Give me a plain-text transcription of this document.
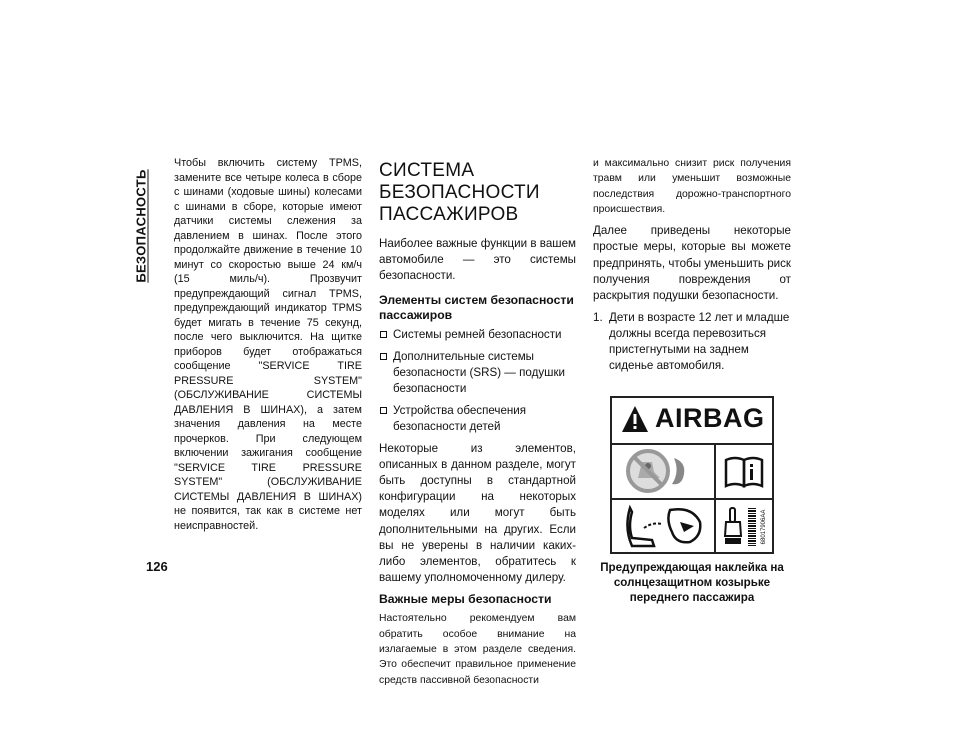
БЕЗОПАСНОСТЬ
126

Чтобы включить систему TPMS, замените все четыре колеса в сборе с шинами (ходовые шины) колесами с шинами в сборе, которые имеют датчики системы слежения за давлением в шинах. После этого продолжайте движение в течение 10 минут со скоростью выше 24 км/ч (15 миль/ч). Прозвучит предупреждающий сигнал TPMS, предупреждающий индикатор TPMS будет мигать в течение 75 секунд, после чего выключится. На щитке приборов будет отображаться сообщение "SERVICE TIRE PRESSURE SYSTEM" (ОБСЛУЖИВАНИЕ СИСТЕМЫ ДАВЛЕНИЯ В ШИНАХ), а затем значения давления на месте прочерков. При следующем включении зажигания сообщение "SERVICE TIRE PRESSURE SYSTEM" (ОБСЛУЖИВАНИЕ СИСТЕМЫ ДАВЛЕНИЯ В ШИНАХ) не появится, так как в системе нет неисправностей.

СИСТЕМА БЕЗОПАСНОСТИ
ПАССАЖИРОВ

Наиболее важные функции в вашем автомобиле — это системы безопасности.

Элементы систем безопасности пассажиров
Системы ремней безопасности
Дополнительные системы безопасности (SRS) — подушки безопасности
Устройства обеспечения безопасности детей

Некоторые из элементов, описанных в данном разделе, могут быть доступны в стандартной конфигурации на некоторых моделях или могут быть дополнительными на других. Если вы не уверены в наличии каких-либо элементов, обратитесь к вашему уполномоченному дилеру.

Важные меры безопасности

Настоятельно рекомендуем вам обратить особое внимание на излагаемые в этом разделе сведения. Это обеспечит правильное применение средств пассивной безопасности

и максимально снизит риск получения травм или уменьшит возможные последствия дорожно-транспортного происшествия.

Далее приведены некоторые простые меры, которые вы можете предпринять, чтобы уменьшить риск получения повреждения от раскрытия подушки безопасности.

1. Дети в возрасте 12 лет и младше должны всегда перевозиться пристегнутыми на заднем сиденье автомобиля.
AIRBAG
68017906AA
Предупреждающая наклейка на солнцезащитном козырьке переднего пассажира
